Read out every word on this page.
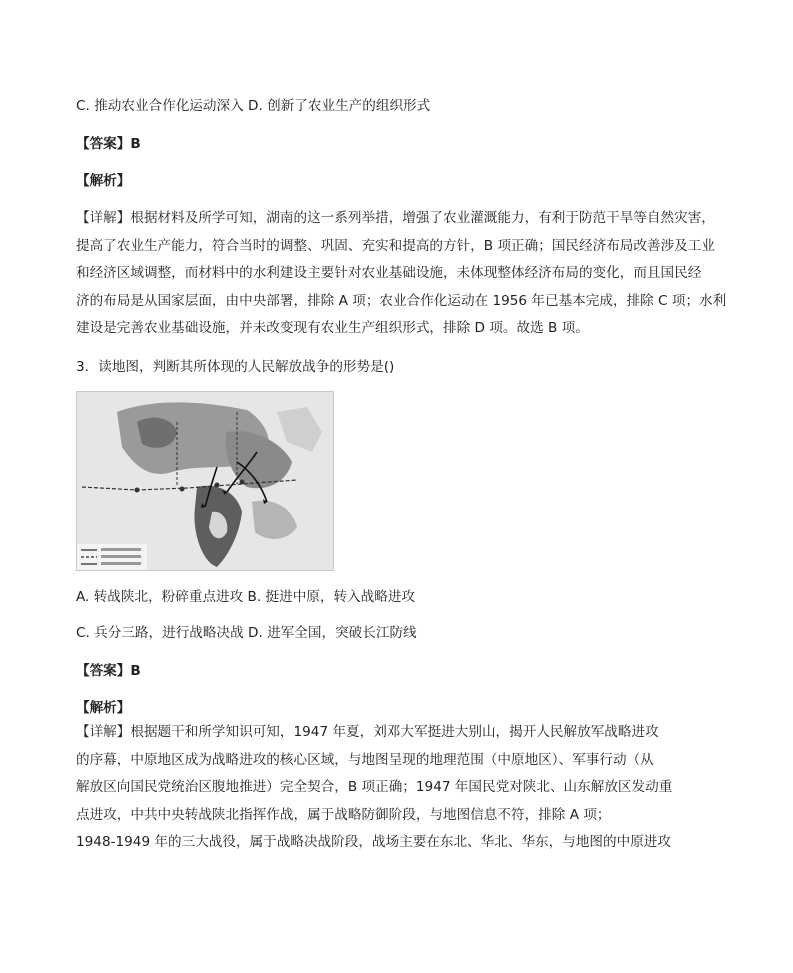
C. 推动农业合作化运动深入 D. 创新了农业生产的组织形式
【答案】B
【解析】
【详解】根据材料及所学可知，湖南的这一系列举措，增强了农业灌溉能力，有利于防范干旱等自然灾害，
提高了农业生产能力，符合当时的调整、巩固、充实和提高的方针，B 项正确；国民经济布局改善涉及工业
和经济区域调整，而材料中的水利建设主要针对农业基础设施，未体现整体经济布局的变化，而且国民经
济的布局是从国家层面，由中央部署，排除 A 项；农业合作化运动在 1956 年已基本完成，排除 C 项；水利
建设是完善农业基础设施，并未改变现有农业生产组织形式，排除 D 项。故选 B 项。
3．读地图，判断其所体现的人民解放战争的形势是()
A. 转战陕北，粉碎重点进攻 B. 挺进中原，转入战略进攻
C. 兵分三路，进行战略决战 D. 进军全国，突破长江防线
【答案】B
【解析】
【详解】根据题干和所学知识可知，1947 年夏，刘邓大军挺进大别山，揭开人民解放军战略进攻
的序幕，中原地区成为战略进攻的核心区域，与地图呈现的地理范围（中原地区）、军事行动（从
解放区向国民党统治区腹地推进）完全契合，B 项正确；1947 年国民党对陕北、山东解放区发动重
点进攻，中共中央转战陕北指挥作战，属于战略防御阶段，与地图信息不符，排除 A 项；
1948-1949 年的三大战役，属于战略决战阶段，战场主要在东北、华北、华东，与地图的中原进攻
